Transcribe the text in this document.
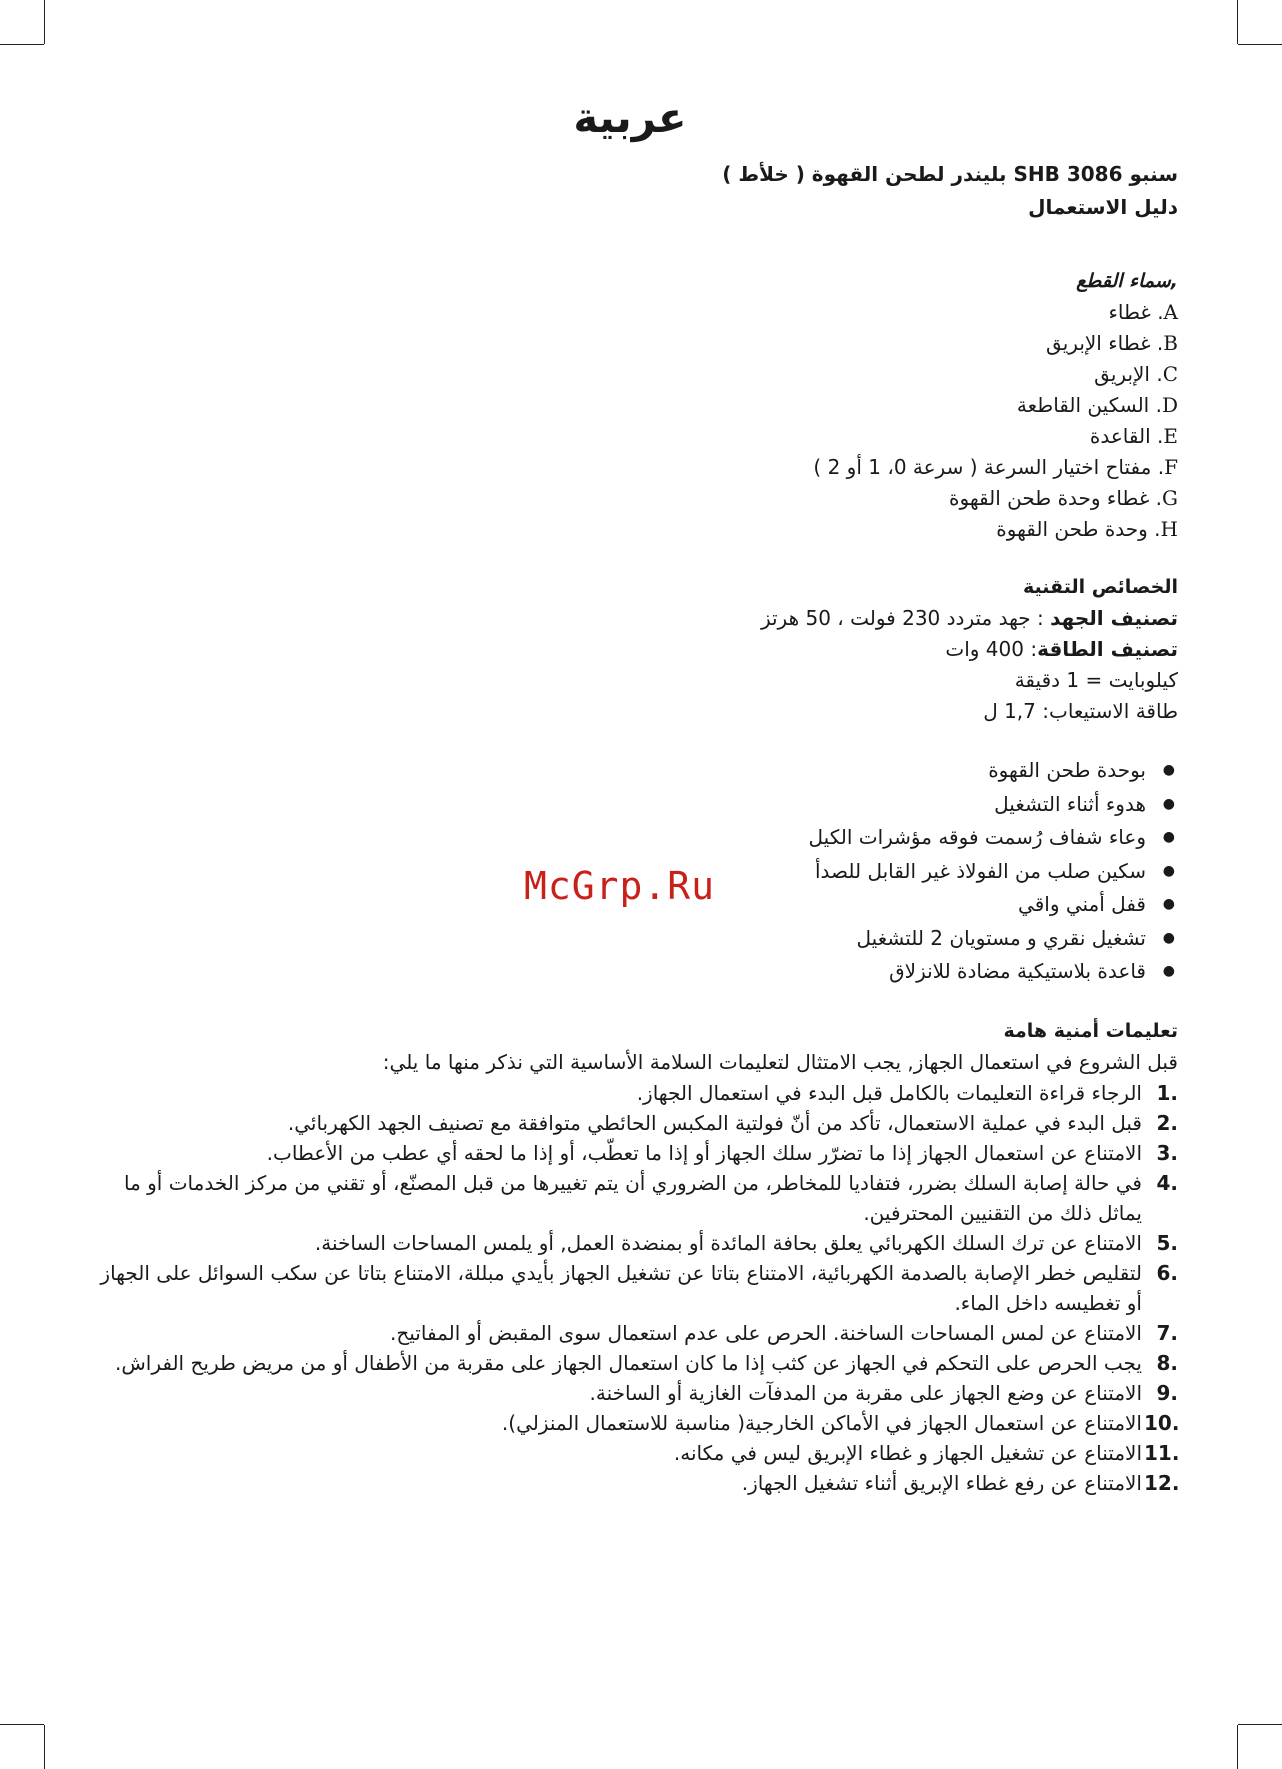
عربية

سنبو SHB 3086 بليندر لطحن القهوة ( خلأط )

دليل الاستعمال

,سماء القطع

A. غطاء
B. غطاء الإبريق
C. الإبريق
D. السكين القاطعة
E. القاعدة
F. مفتاح اختيار السرعة ( سرعة 0، 1 أو 2 )
G. غطاء وحدة طحن القهوة
H. وحدة طحن القهوة

الخصائص التقنية

تصنيف الجهد : جهد متردد 230 فولت ، 50 هرتز

تصنيف الطاقة: 400 وات

كيلوبايت = 1 دقيقة

طاقة الاستيعاب: 1,7 ل

●
بوحدة طحن القهوة
●
هدوء أثناء التشغيل
●
وعاء شفاف رُسمت فوقه مؤشرات الكيل
●
سكين صلب من الفولاذ غير القابل للصدأ
●
قفل أمني واقي
●
تشغيل نقري و مستويان 2 للتشغيل
●
قاعدة بلاستيكية مضادة للانزلاق

تعليمات أمنية هامة

قبل الشروع في استعمال الجهاز, يجب الامتثال لتعليمات السلامة الأساسية التي نذكر منها ما يلي:

1.
الرجاء قراءة التعليمات بالكامل قبل البدء في استعمال الجهاز.
2.
قبل البدء في عملية الاستعمال، تأكد من أنّ فولتية المكبس الحائطي متوافقة مع تصنيف الجهد الكهربائي.
3.
الامتناع عن استعمال الجهاز إذا ما تضرّر سلك الجهاز أو إذا ما تعطّب، أو إذا ما لحقه أي عطب من الأعطاب.
4.
في حالة إصابة السلك بضرر، فتفاديا للمخاطر، من الضروري أن يتم تغييرها من قبل المصنّع، أو تقني من مركز الخدمات أو ما يماثل ذلك من التقنيين المحترفين.
5.
الامتناع عن ترك السلك الكهربائي يعلق بحافة المائدة أو بمنضدة العمل, أو يلمس المساحات الساخنة.
6.
لتقليص خطر الإصابة بالصدمة الكهربائية، الامتناع بتاتا عن تشغيل الجهاز بأيدي مبللة، الامتناع بتاتا عن سكب السوائل على الجهاز أو تغطيسه داخل الماء.
7.
الامتناع عن لمس المساحات الساخنة. الحرص على عدم استعمال سوى المقبض أو المفاتيح.
8.
يجب الحرص على التحكم في الجهاز عن كثب إذا ما كان استعمال الجهاز على مقربة من الأطفال أو من مريض طريح الفراش.
9.
الامتناع عن وضع الجهاز على مقربة من المدفآت الغازية أو الساخنة.
10.
الامتناع عن استعمال الجهاز في الأماكن الخارجية( مناسبة للاستعمال المنزلي).
11.
الامتناع عن تشغيل الجهاز و غطاء الإبريق ليس في مكانه.
12.
الامتناع عن رفع غطاء الإبريق أثناء تشغيل الجهاز.
McGrp.Ru
